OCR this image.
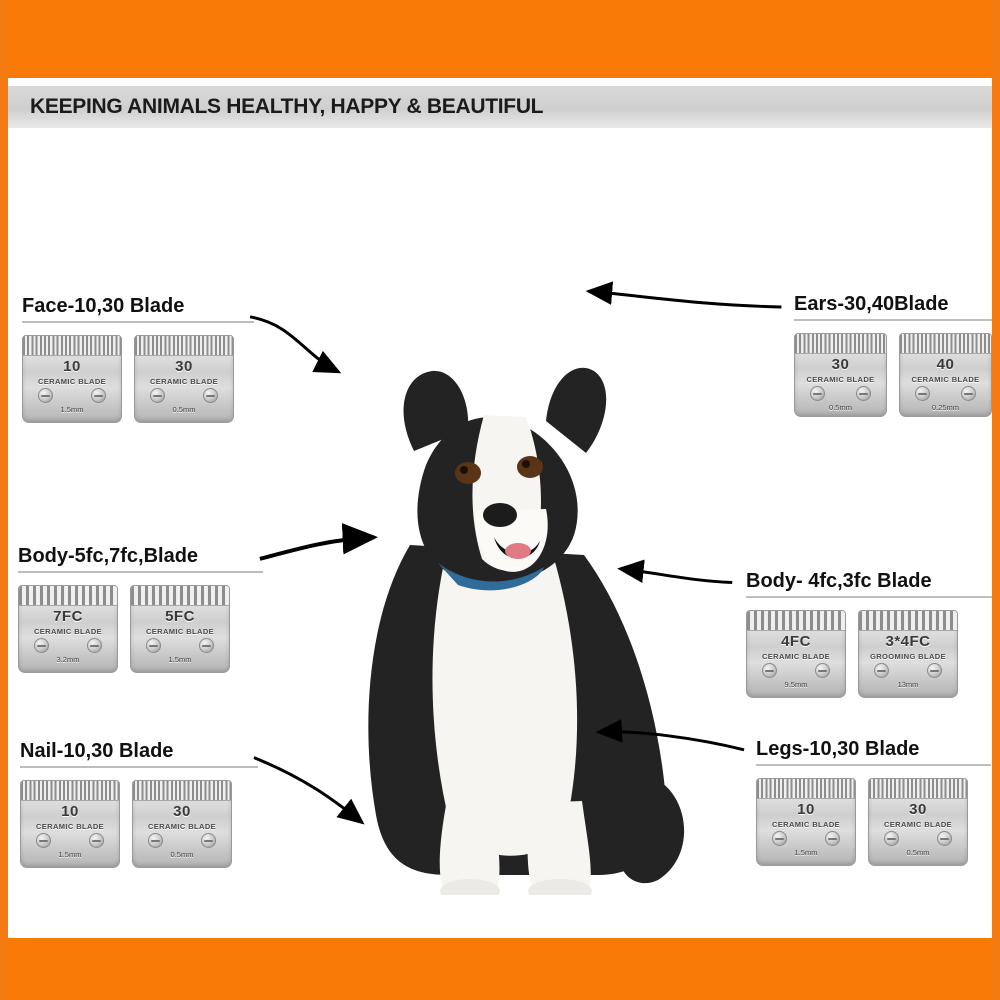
KEEPING ANIMALS HEALTHY, HAPPY & BEAUTIFUL
Face-10,30 Blade
10
CERAMIC BLADE
1.5mm
30
CERAMIC BLADE
0.5mm
Ears-30,40Blade
30
CERAMIC BLADE
0.5mm
40
CERAMIC BLADE
0.25mm
Body-5fc,7fc,Blade
7FC
CERAMIC BLADE
3.2mm
5FC
CERAMIC BLADE
1.5mm
Body- 4fc,3fc Blade
4FC
CERAMIC BLADE
9.5mm
3*4FC
GROOMING BLADE
13mm
Nail-10,30 Blade
10
CERAMIC BLADE
1.5mm
30
CERAMIC BLADE
0.5mm
Legs-10,30 Blade
10
CERAMIC BLADE
1.5mm
30
CERAMIC BLADE
0.5mm
